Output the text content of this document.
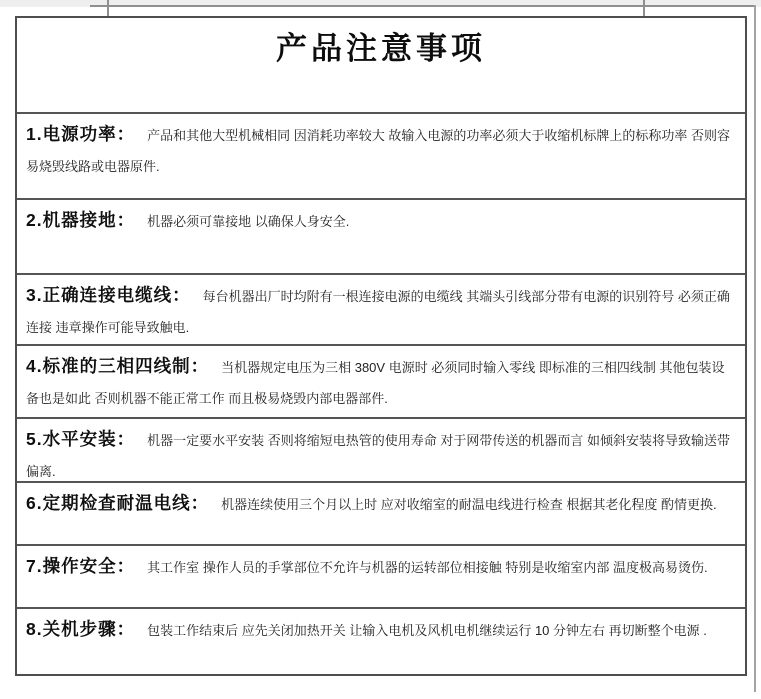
产品注意事项

1.电源功率： 产品和其他大型机械相同 因消耗功率较大 故输入电源的功率必须大于收缩机标牌上的标称功率 否则容易烧毁线路或电器原件.

2.机器接地： 机器必须可靠接地 以确保人身安全.

3.正确连接电缆线： 每台机器出厂时均附有一根连接电源的电缆线 其端头引线部分带有电源的识别符号 必须正确连接 违章操作可能导致触电.

4.标准的三相四线制： 当机器规定电压为三相 380V 电源时 必须同时输入零线 即标准的三相四线制 其他包装设备也是如此 否则机器不能正常工作 而且极易烧毁内部电器部件.

5.水平安装： 机器一定要水平安装 否则将缩短电热管的使用寿命 对于网带传送的机器而言 如倾斜安装将导致输送带偏离.

6.定期检查耐温电线： 机器连续使用三个月以上时 应对收缩室的耐温电线进行检查 根据其老化程度 酌情更换.

7.操作安全： 其工作室 操作人员的手掌部位不允许与机器的运转部位相接触 特别是收缩室内部 温度极高易烫伤.

8.关机步骤： 包装工作结束后 应先关闭加热开关 让输入电机及风机电机继续运行 10 分钟左右 再切断整个电源 .
